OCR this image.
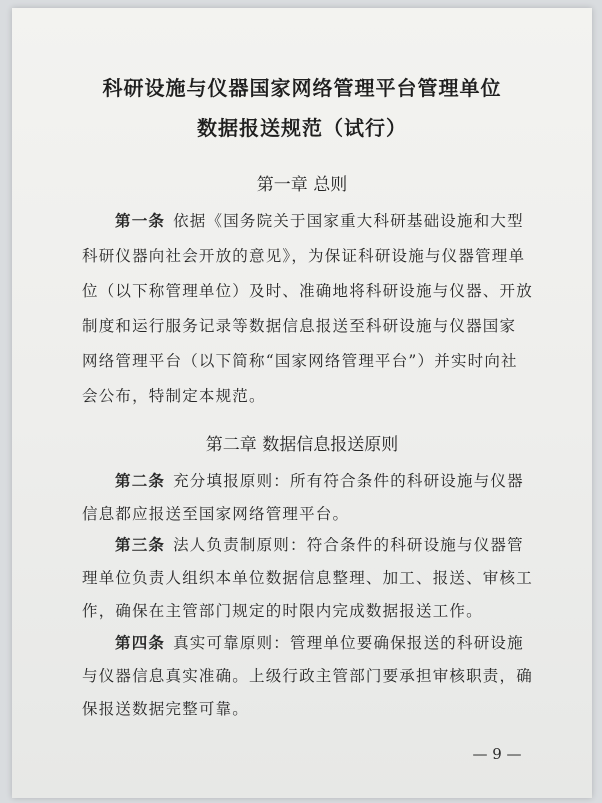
科研设施与仪器国家网络管理平台管理单位
数据报送规范（试行）
第一章 总则
第一条 依据《国务院关于国家重大科研基础设施和大型
科研仪器向社会开放的意见》，为保证科研设施与仪器管理单
位（以下称管理单位）及时、准确地将科研设施与仪器、开放
制度和运行服务记录等数据信息报送至科研设施与仪器国家
网络管理平台（以下简称“国家网络管理平台”）并实时向社
会公布，特制定本规范。
第二章 数据信息报送原则
第二条 充分填报原则：所有符合条件的科研设施与仪器
信息都应报送至国家网络管理平台。
第三条 法人负责制原则：符合条件的科研设施与仪器管
理单位负责人组织本单位数据信息整理、加工、报送、审核工
作，确保在主管部门规定的时限内完成数据报送工作。
第四条 真实可靠原则：管理单位要确保报送的科研设施
与仪器信息真实准确。上级行政主管部门要承担审核职责，确
保报送数据完整可靠。
— 9 —
